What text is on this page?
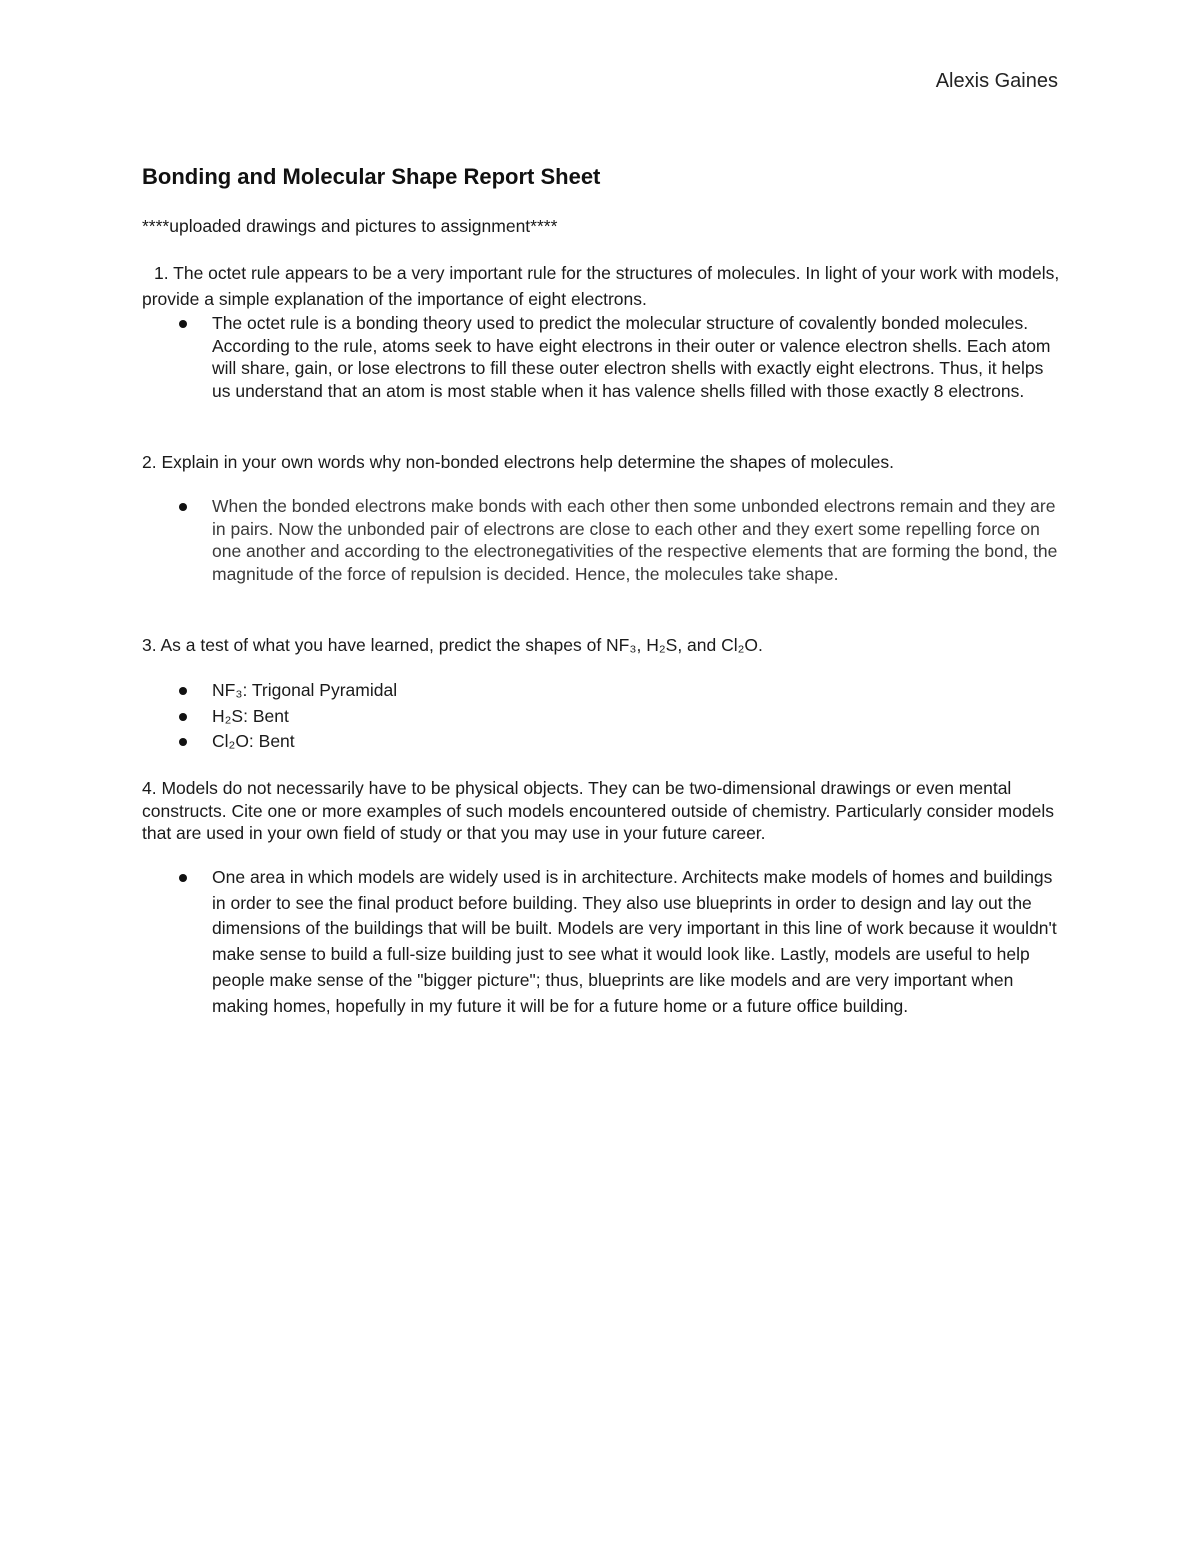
Alexis Gaines
Bonding and Molecular Shape Report Sheet
****uploaded drawings and pictures to assignment****

1. The octet rule appears to be a very important rule for the structures of molecules. In light of your work with models, provide a simple explanation of the importance of eight electrons.

The octet rule is a bonding theory used to predict the molecular structure of covalently bonded molecules. According to the rule, atoms seek to have eight electrons in their outer or valence electron shells. Each atom will share, gain, or lose electrons to fill these outer electron shells with exactly eight electrons. Thus, it helps us understand that an atom is most stable when it has valence shells filled with those exactly 8 electrons.

2. Explain in your own words why non-bonded electrons help determine the shapes of molecules.

When the bonded electrons make bonds with each other then some unbonded electrons remain and they are in pairs. Now the unbonded pair of electrons are close to each other and they exert some repelling force on one another and according to the electronegativities of the respective elements that are forming the bond, the magnitude of the force of repulsion is decided. Hence, the molecules take shape.

3. As a test of what you have learned, predict the shapes of NF₃, H₂S, and Cl₂O.

NF₃: Trigonal Pyramidal
H₂S: Bent
Cl₂O: Bent

4. Models do not necessarily have to be physical objects. They can be two-dimensional drawings or even mental constructs. Cite one or more examples of such models encountered outside of chemistry. Particularly consider models that are used in your own field of study or that you may use in your future career.

One area in which models are widely used is in architecture. Architects make models of homes and buildings in order to see the final product before building. They also use blueprints in order to design and lay out the dimensions of the buildings that will be built. Models are very important in this line of work because it wouldn't make sense to build a full-size building just to see what it would look like. Lastly, models are useful to help people make sense of the "bigger picture"; thus, blueprints are like models and are very important when making homes, hopefully in my future it will be for a future home or a future office building.
